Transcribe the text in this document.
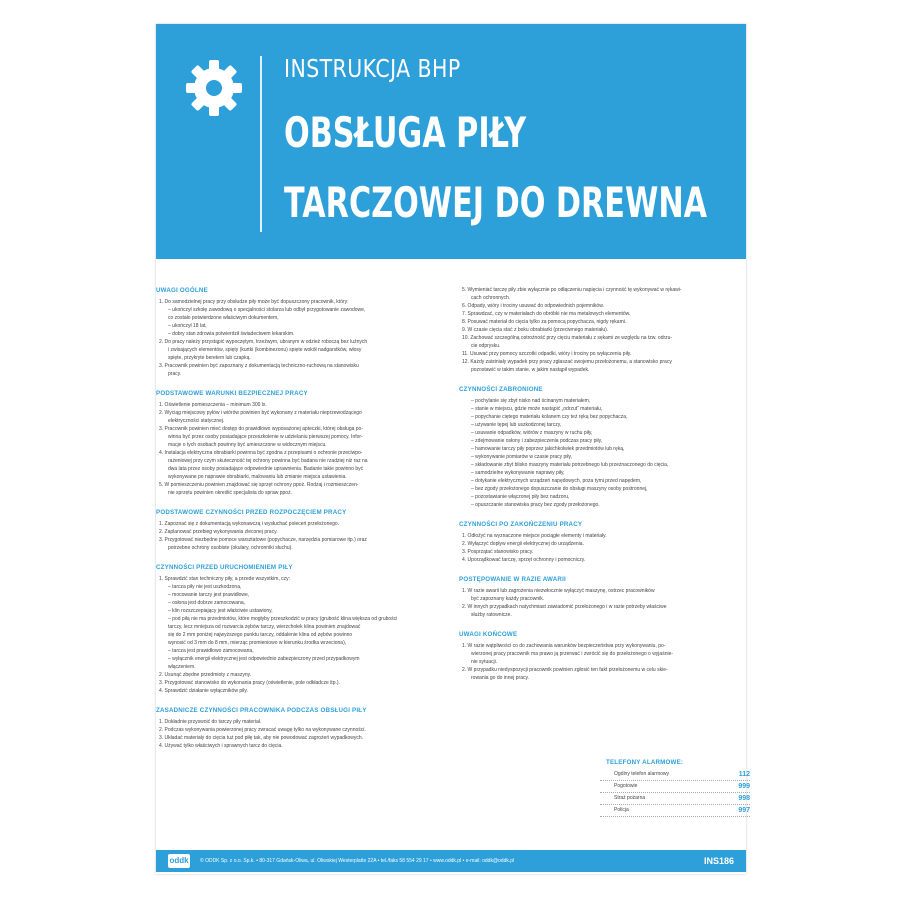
INSTRUKCJA BHP
OBSŁUGA PIŁY
TARCZOWEJ DO DREWNA
UWAGI OGÓLNE

1. Do samodzielnej pracy przy obsłudze piły może być dopuszczony pracownik, który:

– ukończył szkołę zawodową o specjalności stolarza lub odbył przygotowanie zawodowe,

co zostało potwierdzone właściwym dokumentem,

– ukończył 18 lat,

– dobry stan zdrowia potwierdził świadectwem lekarskim.

2. Do pracy należy przystąpić wypoczętym, trzeźwym, ubranym w odzież roboczą bez luźnych

i zwisających elementów, spięty (kurtki (kombinezonu) spięte wokół nadgarstków, włosy

spięte, przykryte beretem lub czapką.

3. Pracownik powinien być zapoznany z dokumentacją techniczno-ruchową na stanowisku

pracy.

PODSTAWOWE WARUNKI BEZPIECZNEJ PRACY

1. Oświetlenie pomieszczenia – minimum 300 lx.

2. Wyciąg miejscowy pyłów i wiórów powinien być wykonany z materiału nieprzewodzącego

elektryczności statycznej.

3. Pracownik powinien mieć dostęp do prawidłowo wyposażonej apteczki, której obsługa po-

winna być przez osoby posiadające przeszkolenie w udzielaniu pierwszej pomocy. Infor-

macje o tych osobach powinny być umieszczone w widocznym miejscu.

4. Instalacja elektryczna obrabiarki powinna być zgodna z przepisami o ochronie przeciwpo-

rażeniowej przy czym skuteczność tej ochrony powinna być badana nie rzadziej niż raz na

dwa lata przez osoby posiadające odpowiednie uprawnienia. Badanie takie powinno być

wykonywane po naprawie obrabiarki, malowaniu lub zmianie miejsca ustawienia.

5. W pomieszczeniu powinien znajdować się sprzęt ochrony ppoż. Rodzaj i rozmieszczen-

nie sprzętu powinien określić specjalista do spraw ppoż.

PODSTAWOWE CZYNNOŚCI PRZED ROZPOCZĘCIEM PRACY

1. Zapoznać się z dokumentacją wykonawczą i wysłuchać poleceń przełożonego.

2. Zaplanować przebieg wykonywania zleconej pracy.

3. Przygotować niezbędne pomoce warsztatowe (popychacze, narzędzia pomiarowe itp.) oraz

potrzebne ochrony osobiste (okulary, ochronniki słuchu).

CZYNNOŚCI PRZED URUCHOMIENIEM PIŁY

1. Sprawdzić stan techniczny piły, a przede wszystkim, czy:

– tarcza piły nie jest uszkodzona,

– mocowanie tarczy jest prawidłowe,

– osłona jest dobrze zamocowana,

– klin rozszczepiający jest właściwie ustawiony,

– pod piłą nie ma przedmiotów, które mogłyby przeszkodzić w pracy (grubość klina większa od grubości

tarczy, lecz mniejsza od rozwarcia zębów tarczy, wierzchołek klina powinien znajdować

się do 2 mm poniżej najwyższego punktu tarczy, oddalenie klina od zębów powinno

wynosić od 3 mm do 8 mm, mierząc promieniowo w kierunku środka wrzeciona),

– tarcza jest prawidłowo zamocowana,

– wyłącznik energii elektrycznej jest odpowiednio zabezpieczony przed przypadkowym

włączeniem.

2. Usunąć zbędne przedmioty z maszyny.

3. Przygotować stanowisko do wykonania pracy (oświetlenie, pole odkładcze itp.).

4. Sprawdzić działanie wyłączników piły.

ZASADNICZE CZYNNOŚCI PRACOWNIKA PODCZAS OBSŁUGI PIŁY

1. Dokładnie przyswoić do tarczy piły materiał.

2. Podczas wykonywania powierzonej pracy zwracać uwagę tylko na wykonywane czynności.

3. Układać materiały do cięcia tuż pod piłę tak, aby nie powodować zagrożeń wypadkowych.

4. Używać tylko właściwych i sprawnych tarcz do cięcia.

5. Wymieniać tarczę piły zbie wyłącznie po odłączeniu napięcia i czynność tę wykonywać w rękawi-

cach ochronnych.

6. Odpady, wióry i trociny usuwać do odpowiednich pojemników.

7. Sprawdzać, czy w materiałach do obróbki nie ma metalowych elementów.

8. Posuwać materiał do cięcia tylko za pomocą popychacza, nigdy rękami.

9. W czasie cięcia stać z boku obrabiarki (przeciwnego materiału).

10. Zachować szczególną ostrożność przy cięciu materiału z sękami ze względu na tzw. odrzu-

cie odprysku.

11. Usuwać przy pomocy szczotki odpadki, wióry i trociny po wyłączeniu piły.

12. Każdy zaistniały wypadek przy pracy zgłaszać swojemu przełożonemu, a stanowisko pracy

pozostawić w takim stanie, w jakim nastąpił wypadek.

CZYNNOŚCI ZABRONIONE

– pochylanie się zbyt nisko nad ścinanym materiałem,

– stanie w miejscu, gdzie może nastąpić „odrzut” materiału,

– popychanie ciętego materiału kolanem czy też ręką bez popychacza,

– używanie tępej lub uszkodzonej tarczy,

– usuwanie odpadków, wiórów z maszyny w ruchu piły,

– zdejmowanie osłony i zabezpieczenia podczas pracy piły,

– hamowanie tarczy piły poprzez jakichkolwiek przedmiotów lub ręką,

– wykonywanie pomiarów w czasie pracy piły,

– składowanie zbyt blisko maszyny materiału potrzebnego lub przeznaczonego do cięcia,

– samodzielne wykonywanie naprawy piły,

– dotykanie elektrycznych urządzeń napędowych, poza tymi przed napędem,

– bez zgody przełożonego dopuszczanie do obsługi maszyny osoby postronnej,

– pozostawianie włączonej piły bez nadzoru,

– opuszczanie stanowiska pracy bez zgody przełożonego.

CZYNNOŚCI PO ZAKOŃCZENIU PRACY

1. Odłożyć na wyznaczone miejsce pociągłe elementy i materiały.

2. Wyłączyć dopływ energii elektrycznej do urządzenia.

3. Posprzątać stanowisko pracy.

4. Uporządkować tarczę, sprzęt ochronny i pomocniczy.

POSTĘPOWANIE W RAZIE AWARII

1. W razie awarii lub zagrożenia niezwłocznie wyłączyć maszynę, ostrzec pracowników

być zapoznany każdy pracownik.

2. W innych przypadkach natychmiast zawiadomić przełożonego i w razie potrzeby właściwe

służby ratownicze.

UWAGI KOŃCOWE

1. W razie wątpliwości co do zachowania warunków bezpieczeństwa przy wykonywaniu, po-

wierzonej pracy pracownik ma prawo ją przerwać i zwrócić się do przełożonego o wyjaśnie-

nie sytuacji.

2. W przypadku niedyspozycji pracownik powinien zgłosić ten fakt przełożonemu w celu skie-

rowania go do innej pracy.

TELEFONY ALARMOWE:
Ogólny telefon alarmowy	112
Pogotowie	999
Straż pożarna	998
Policja	997
oddk © ODDK Sp. z o.o. Sp.k. • 80-317 Gdańsk-Oliwa, ul. Oliwskiej Westerplatte 22A • tel./faks 58 554 29 17 • www.oddk.pl • e-mail: oddk@oddk.pl	INS186
